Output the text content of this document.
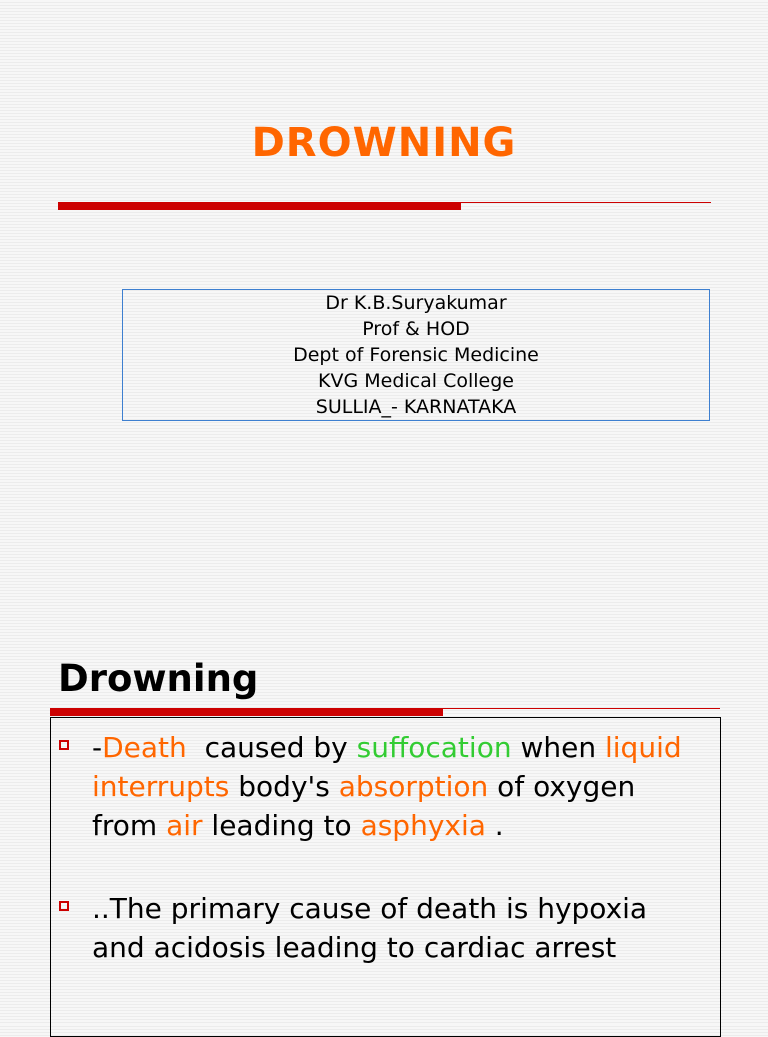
DROWNING
Dr K.B.Suryakumar
Prof & HOD
Dept of Forensic Medicine
KVG Medical College
SULLIA_- KARNATAKA
Drowning
-Death  caused by suffocation when liquid interrupts body's absorption of oxygen from air leading to asphyxia .
..The primary cause of death is hypoxia and acidosis leading to cardiac arrest
